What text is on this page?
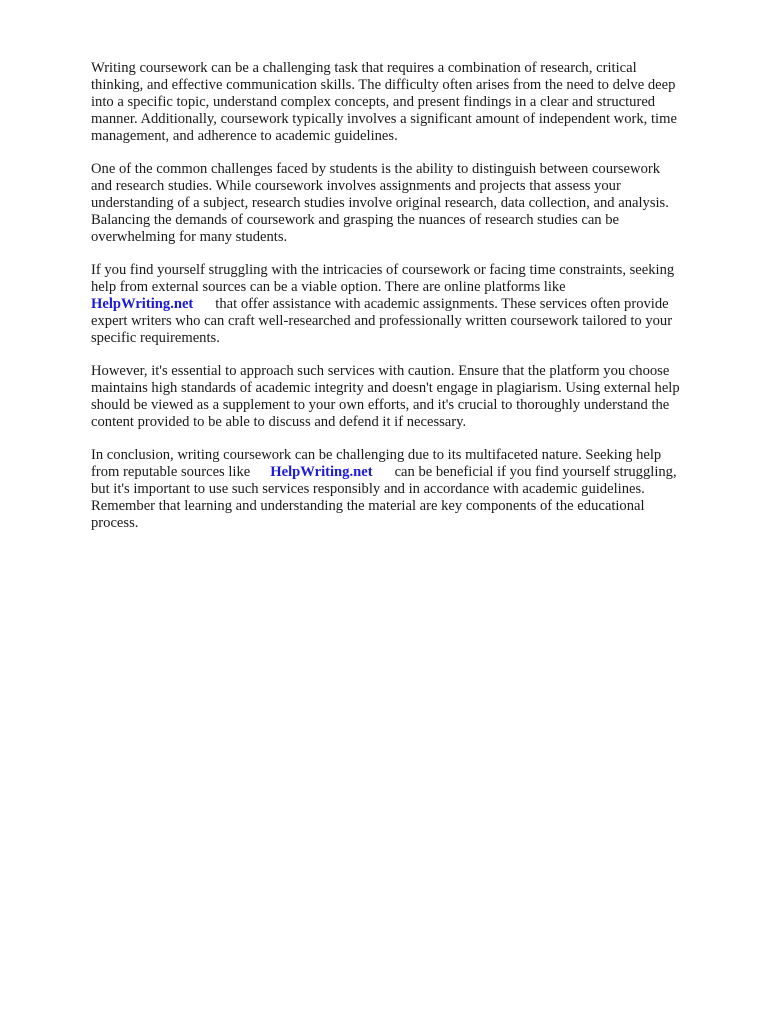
Writing coursework can be a challenging task that requires a combination of research, critical
thinking, and effective communication skills. The difficulty often arises from the need to delve deep
into a specific topic, understand complex concepts, and present findings in a clear and structured
manner. Additionally, coursework typically involves a significant amount of independent work, time
management, and adherence to academic guidelines.

One of the common challenges faced by students is the ability to distinguish between coursework
and research studies. While coursework involves assignments and projects that assess your
understanding of a subject, research studies involve original research, data collection, and analysis.
Balancing the demands of coursework and grasping the nuances of research studies can be
overwhelming for many students.

If you find yourself struggling with the intricacies of coursework or facing time constraints, seeking
help from external sources can be a viable option. There are online platforms like
HelpWriting.net that offer assistance with academic assignments. These services often provide
expert writers who can craft well-researched and professionally written coursework tailored to your
specific requirements.

However, it's essential to approach such services with caution. Ensure that the platform you choose
maintains high standards of academic integrity and doesn't engage in plagiarism. Using external help
should be viewed as a supplement to your own efforts, and it's crucial to thoroughly understand the
content provided to be able to discuss and defend it if necessary.

In conclusion, writing coursework can be challenging due to its multifaceted nature. Seeking help
from reputable sources like HelpWriting.net can be beneficial if you find yourself struggling,
but it's important to use such services responsibly and in accordance with academic guidelines.
Remember that learning and understanding the material are key components of the educational
process.
